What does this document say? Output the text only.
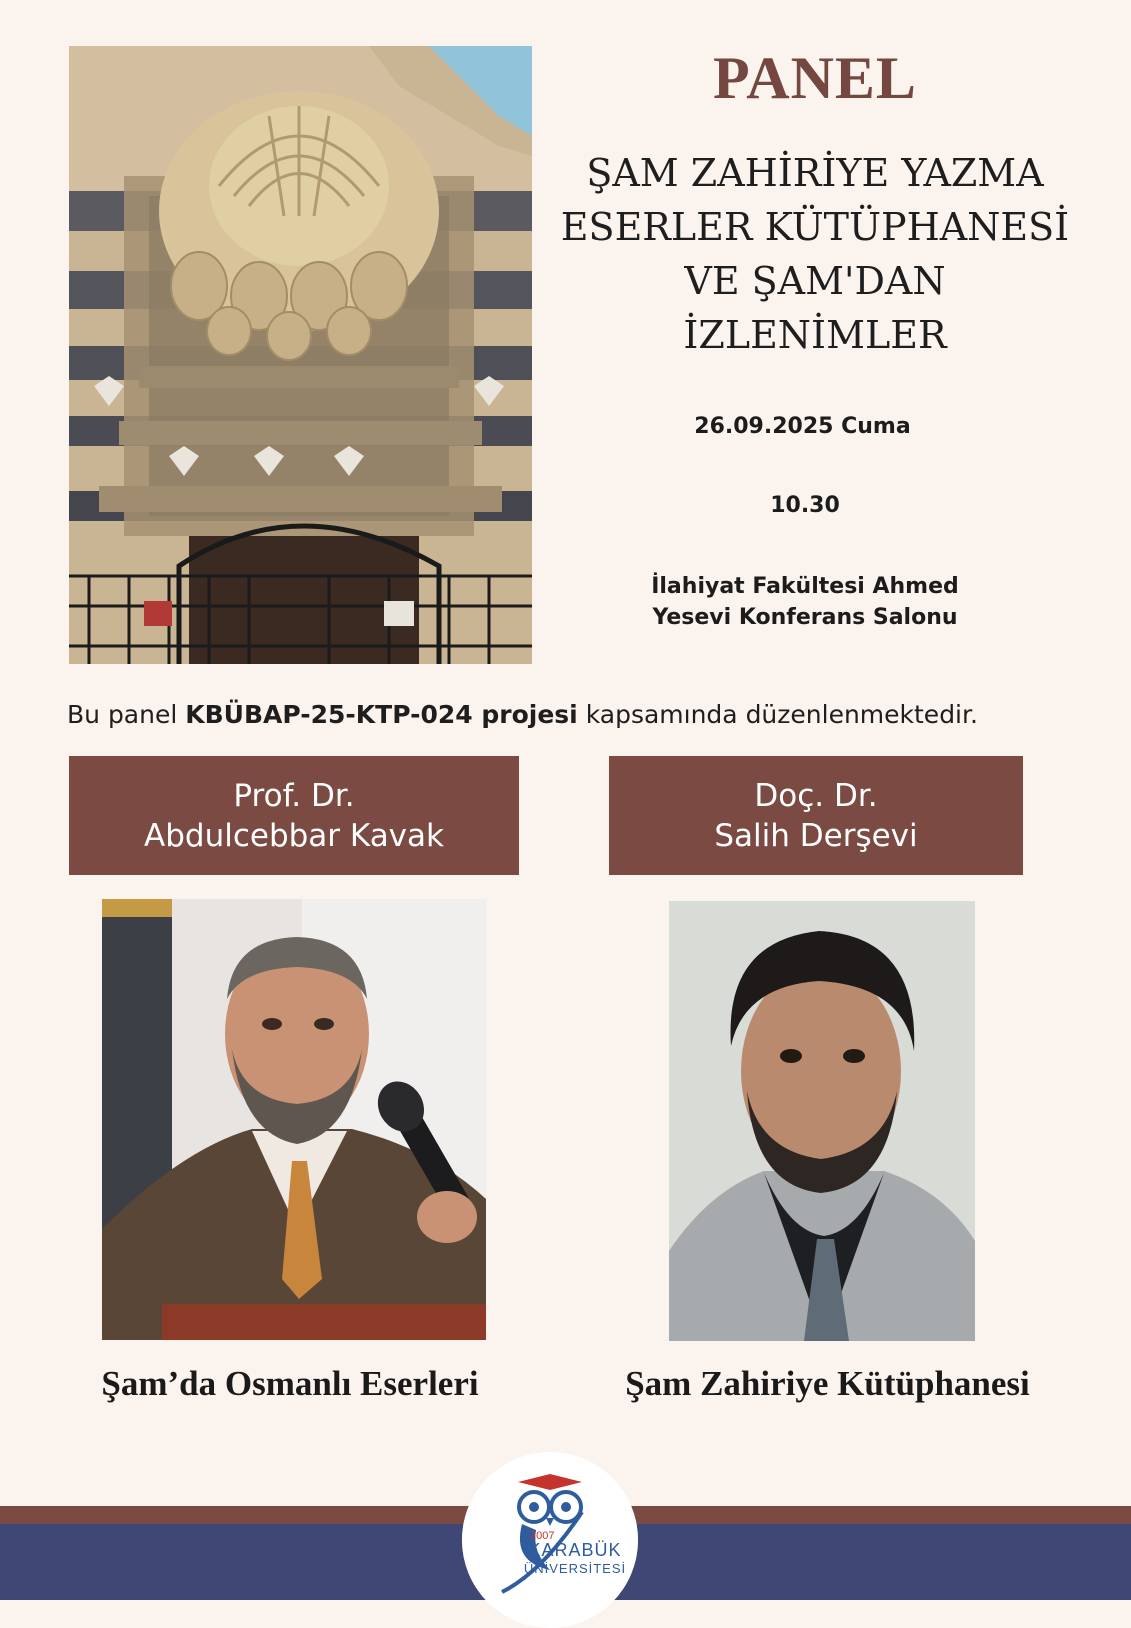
PANEL
ŞAM ZAHİRİYE YAZMA
ESERLER KÜTÜPHANESİ
VE ŞAM'DAN
İZLENİMLER
26.09.2025 Cuma
10.30
İlahiyat Fakültesi Ahmed
Yesevi Konferans Salonu
Bu panel KBÜBAP-25-KTP-024 projesi kapsamında düzenlenmektedir.
Prof. Dr.
Abdulcebbar Kavak
Doç. Dr.
Salih Derşevi
Şam’da Osmanlı Eserleri	Şam Zahiriye Kütüphanesi
2007
KARABÜK
ÜNİVERSİTESİ
